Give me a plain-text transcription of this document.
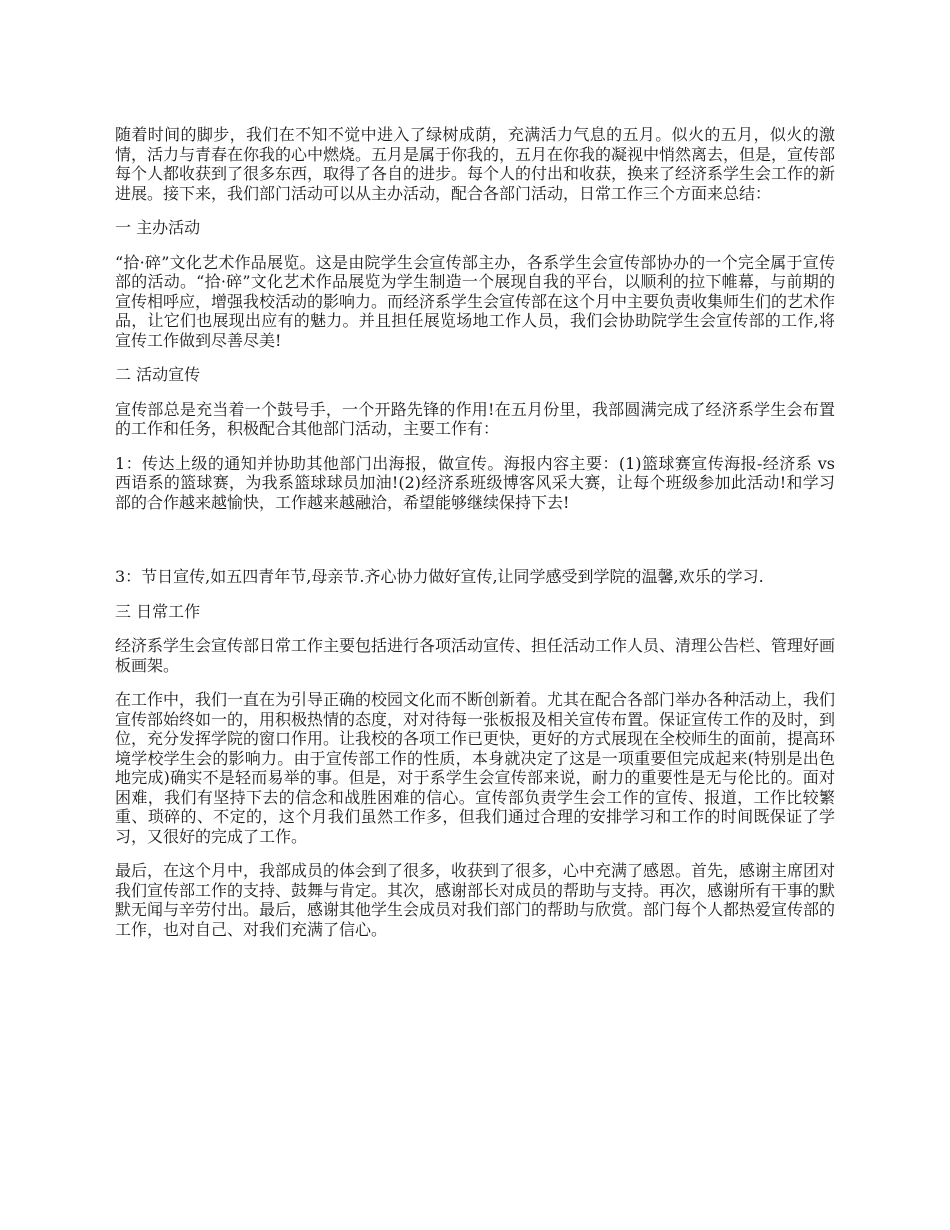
随着时间的脚步，我们在不知不觉中进入了绿树成荫，充满活力气息的五月。似火的五月，似火的激情，活力与青春在你我的心中燃烧。五月是属于你我的，五月在你我的凝视中悄然离去，但是，宣传部每个人都收获到了很多东西，取得了各自的进步。每个人的付出和收获，换来了经济系学生会工作的新进展。接下来，我们部门活动可以从主办活动，配合各部门活动，日常工作三个方面来总结：

一 主办活动

“拾·碎”文化艺术作品展览。这是由院学生会宣传部主办，各系学生会宣传部协办的一个完全属于宣传部的活动。“拾·碎”文化艺术作品展览为学生制造一个展现自我的平台，以顺利的拉下帷幕，与前期的宣传相呼应，增强我校活动的影响力。而经济系学生会宣传部在这个月中主要负责收集师生们的艺术作品，让它们也展现出应有的魅力。并且担任展览场地工作人员，我们会协助院学生会宣传部的工作,将宣传工作做到尽善尽美!

二 活动宣传

宣传部总是充当着一个鼓号手，一个开路先锋的作用!在五月份里，我部圆满完成了经济系学生会布置的工作和任务，积极配合其他部门活动，主要工作有：

1：传达上级的通知并协助其他部门出海报，做宣传。海报内容主要：(1)篮球赛宣传海报-经济系 vs 西语系的篮球赛，为我系篮球球员加油!(2)经济系班级博客风采大赛，让每个班级参加此活动!和学习部的合作越来越愉快，工作越来越融洽，希望能够继续保持下去!

3：节日宣传,如五四青年节,母亲节.齐心协力做好宣传,让同学感受到学院的温馨,欢乐的学习.

三 日常工作

经济系学生会宣传部日常工作主要包括进行各项活动宣传、担任活动工作人员、清理公告栏、管理好画板画架。

在工作中，我们一直在为引导正确的校园文化而不断创新着。尤其在配合各部门举办各种活动上，我们宣传部始终如一的，用积极热情的态度，对对待每一张板报及相关宣传布置。保证宣传工作的及时，到位，充分发挥学院的窗口作用。让我校的各项工作已更快，更好的方式展现在全校师生的面前，提高环境学校学生会的影响力。由于宣传部工作的性质，本身就决定了这是一项重要但完成起来(特别是出色地完成)确实不是轻而易举的事。但是，对于系学生会宣传部来说，耐力的重要性是无与伦比的。面对困难，我们有坚持下去的信念和战胜困难的信心。宣传部负责学生会工作的宣传、报道，工作比较繁重、琐碎的、不定的，这个月我们虽然工作多，但我们通过合理的安排学习和工作的时间既保证了学习，又很好的完成了工作。

最后，在这个月中，我部成员的体会到了很多，收获到了很多，心中充满了感恩。首先，感谢主席团对我们宣传部工作的支持、鼓舞与肯定。其次，感谢部长对成员的帮助与支持。再次，感谢所有干事的默默无闻与辛劳付出。最后，感谢其他学生会成员对我们部门的帮助与欣赏。部门每个人都热爱宣传部的工作，也对自己、对我们充满了信心。
